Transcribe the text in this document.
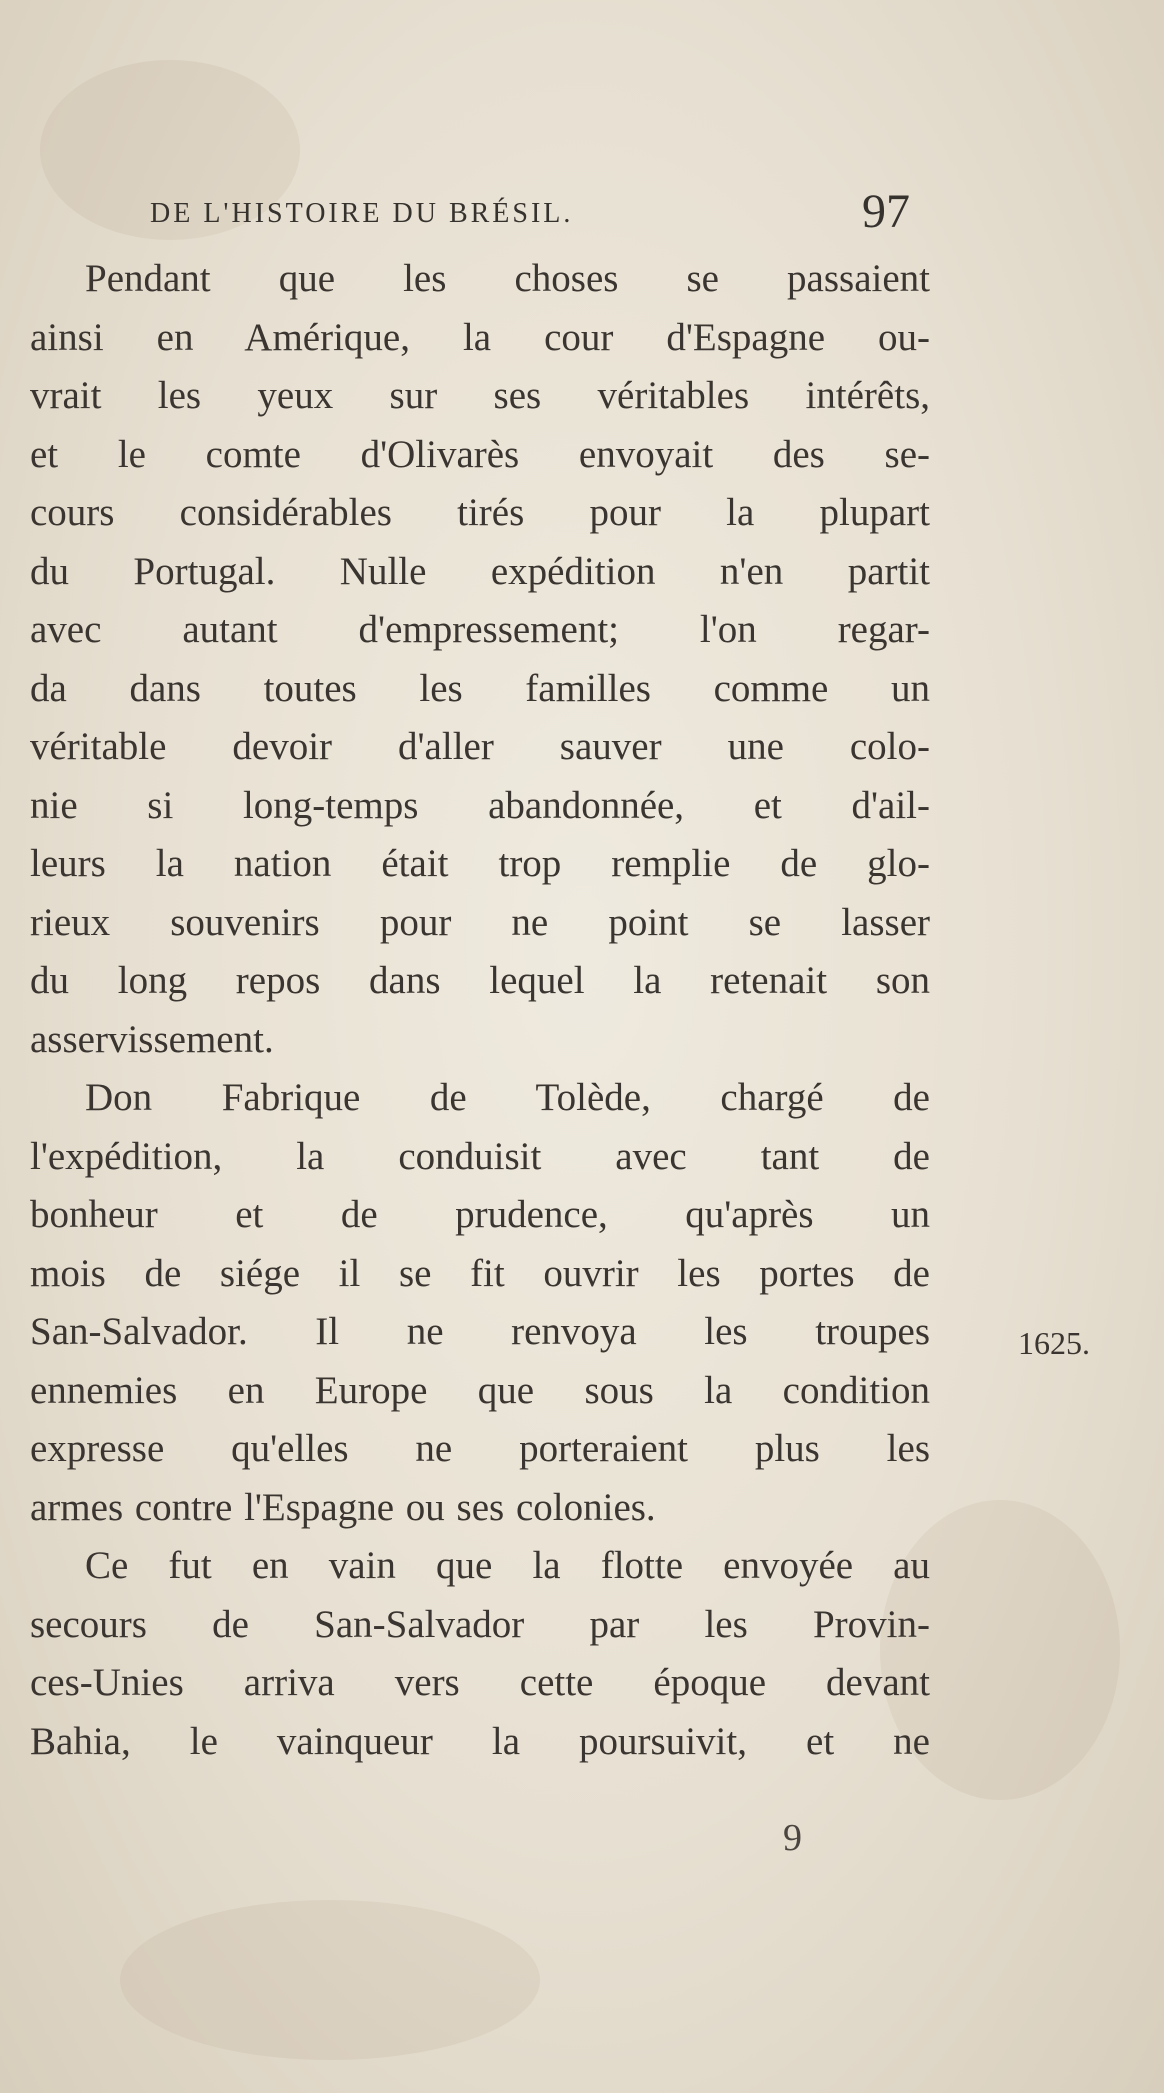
DE L'HISTOIRE DU BRÉSIL.	97
Pendant que les choses se passaient
ainsi en Amérique, la cour d'Espagne ou-
vrait les yeux sur ses véritables intérêts,
et le comte d'Olivarès envoyait des se-
cours considérables tirés pour la plupart
du Portugal. Nulle expédition n'en partit
avec autant d'empressement; l'on regar-
da dans toutes les familles comme un
véritable devoir d'aller sauver une colo-
nie si long-temps abandonnée, et d'ail-
leurs la nation était trop remplie de glo-
rieux souvenirs pour ne point se lasser
du long repos dans lequel la retenait son
asservissement.
Don Fabrique de Tolède, chargé de
l'expédition, la conduisit avec tant de
bonheur et de prudence, qu'après un
mois de siége il se fit ouvrir les portes de
San-Salvador. Il ne renvoya les troupes
ennemies en Europe que sous la condition
expresse qu'elles ne porteraient plus les
armes contre l'Espagne ou ses colonies.
Ce fut en vain que la flotte envoyée au
secours de San-Salvador par les Provin-
ces-Unies arriva vers cette époque devant
Bahia, le vainqueur la poursuivit, et ne
1625.
9
